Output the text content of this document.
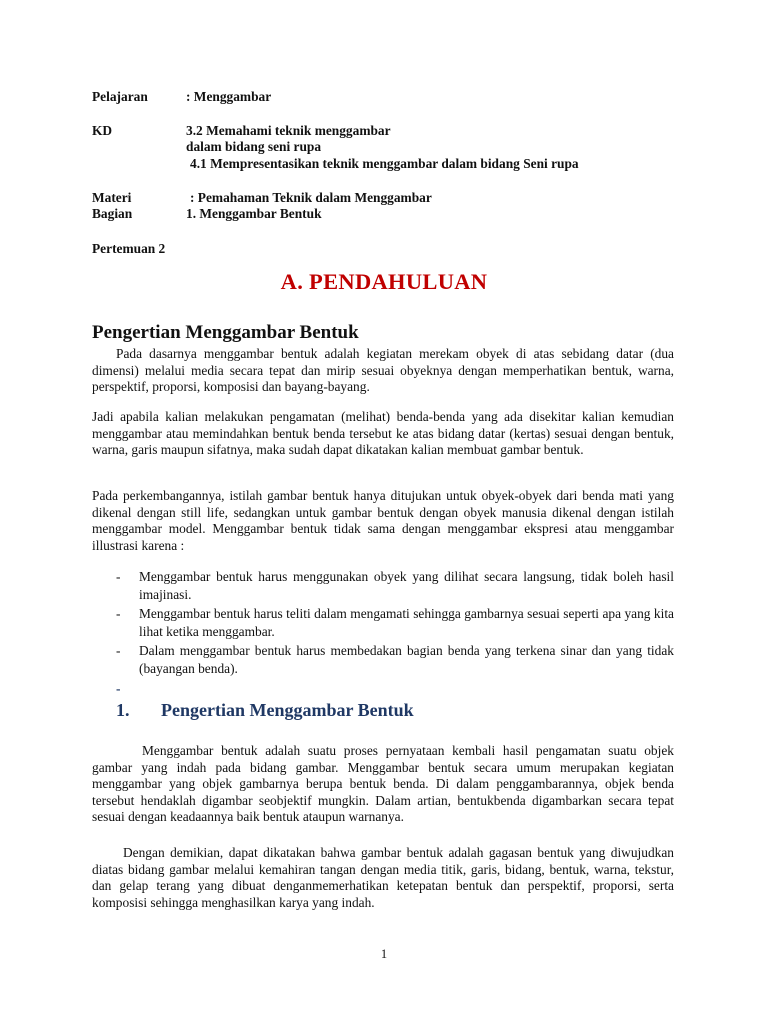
Pelajaran	: Menggambar
KD	3.2 Memahami teknik menggambar
dalam bidang seni rupa
4.1 Mempresentasikan teknik menggambar dalam bidang Seni rupa
Materi	: Pemahaman Teknik dalam Menggambar
Bagian	1. Menggambar Bentuk
Pertemuan 2
A. PENDAHULUAN
Pengertian Menggambar Bentuk

Pada dasarnya menggambar bentuk adalah kegiatan merekam obyek di atas sebidang datar (dua dimensi) melalui media secara tepat dan mirip sesuai obyeknya dengan memperhatikan bentuk, warna, perspektif, proporsi, komposisi dan bayang-bayang.

Jadi apabila kalian melakukan pengamatan (melihat) benda-benda yang ada disekitar kalian kemudian menggambar atau memindahkan bentuk benda tersebut ke atas bidang datar (kertas) sesuai dengan bentuk, warna, garis maupun sifatnya, maka sudah dapat dikatakan kalian membuat gambar bentuk.

Pada perkembangannya, istilah gambar bentuk hanya ditujukan untuk obyek-obyek dari benda mati yang dikenal dengan still life, sedangkan untuk gambar bentuk dengan obyek manusia dikenal dengan istilah menggambar model. Menggambar bentuk tidak sama dengan menggambar ekspresi atau menggambar illustrasi karena :

- Menggambar bentuk harus menggunakan obyek yang dilihat secara langsung, tidak boleh hasil imajinasi.
- Menggambar bentuk harus teliti dalam mengamati sehingga gambarnya sesuai seperti apa yang kita lihat ketika menggambar.
- Dalam menggambar bentuk harus membedakan bagian benda yang terkena sinar dan yang tidak (bayangan benda).
-
1. Pengertian Menggambar Bentuk

Menggambar bentuk adalah suatu proses pernyataan kembali hasil pengamatan suatu objek gambar yang indah pada bidang gambar. Menggambar bentuk secara umum merupakan kegiatan menggambar yang objek gambarnya berupa bentuk benda. Di dalam penggambarannya, objek benda tersebut hendaklah digambar seobjektif mungkin. Dalam artian, bentukbenda digambarkan secara tepat sesuai dengan keadaannya baik bentuk ataupun warnanya.

Dengan demikian, dapat dikatakan bahwa gambar bentuk adalah gagasan bentuk yang diwujudkan diatas bidang gambar melalui kemahiran tangan dengan media titik, garis, bidang, bentuk, warna, tekstur, dan gelap terang yang dibuat denganmemerhatikan ketepatan bentuk dan perspektif, proporsi, serta komposisi sehingga menghasilkan karya yang indah.

1
